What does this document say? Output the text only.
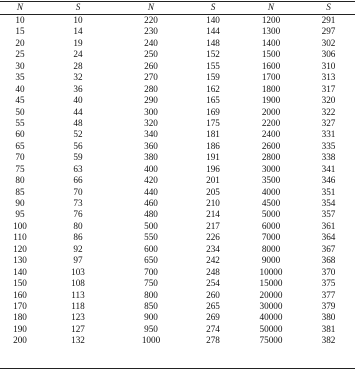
N	S	N	S	N	S
10	10	220	140	1200	291
15	14	230	144	1300	297
20	19	240	148	1400	302
25	24	250	152	1500	306
30	28	260	155	1600	310
35	32	270	159	1700	313
40	36	280	162	1800	317
45	40	290	165	1900	320
50	44	300	169	2000	322
55	48	320	175	2200	327
60	52	340	181	2400	331
65	56	360	186	2600	335
70	59	380	191	2800	338
75	63	400	196	3000	341
80	66	420	201	3500	346
85	70	440	205	4000	351
90	73	460	210	4500	354
95	76	480	214	5000	357
100	80	500	217	6000	361
110	86	550	226	7000	364
120	92	600	234	8000	367
130	97	650	242	9000	368
140	103	700	248	10000	370
150	108	750	254	15000	375
160	113	800	260	20000	377
170	118	850	265	30000	379
180	123	900	269	40000	380
190	127	950	274	50000	381
200	132	1000	278	75000	382
